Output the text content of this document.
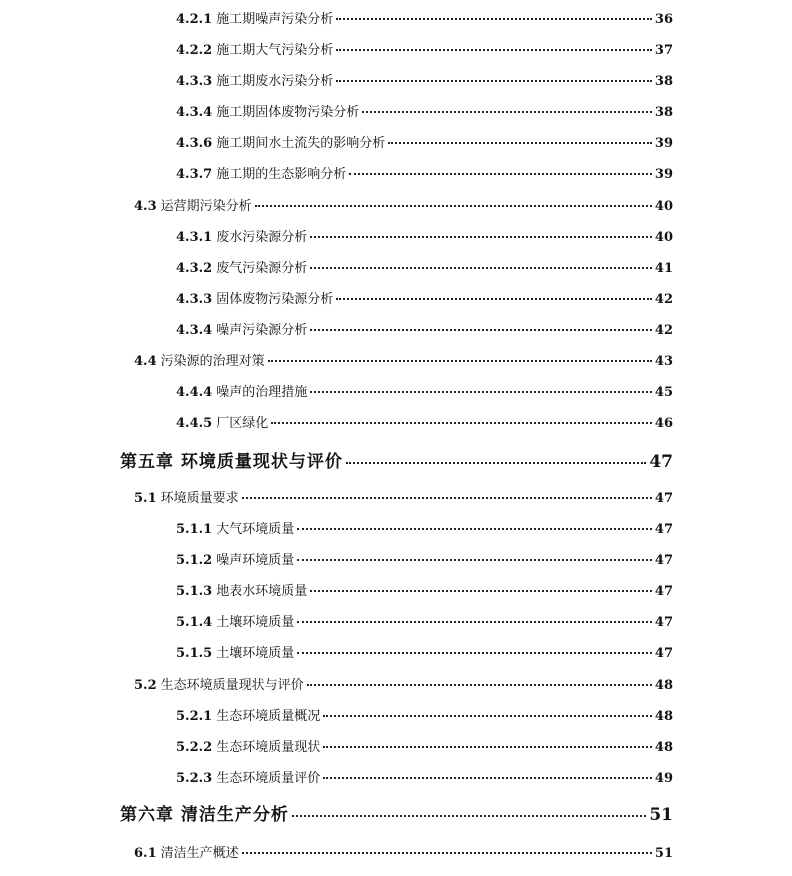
4.2.1 施工期噪声污染分析	36
4.2.2 施工期大气污染分析	37
4.3.3 施工期废水污染分析	38
4.3.4 施工期固体废物污染分析	38
4.3.6 施工期间水土流失的影响分析	39
4.3.7 施工期的生态影响分析	39
4.3 运营期污染分析	40
4.3.1 废水污染源分析	40
4.3.2 废气污染源分析	41
4.3.3 固体废物污染源分析	42
4.3.4 噪声污染源分析	42
4.4 污染源的治理对策	43
4.4.4 噪声的治理措施	45
4.4.5 厂区绿化	46
第五章 环境质量现状与评价	47
5.1 环境质量要求	47
5.1.1 大气环境质量	47
5.1.2 噪声环境质量	47
5.1.3 地表水环境质量	47
5.1.4 土壤环境质量	47
5.1.5 土壤环境质量	47
5.2 生态环境质量现状与评价	48
5.2.1 生态环境质量概况	48
5.2.2 生态环境质量现状	48
5.2.3 生态环境质量评价	49
第六章 清洁生产分析	51
6.1 清洁生产概述	51
